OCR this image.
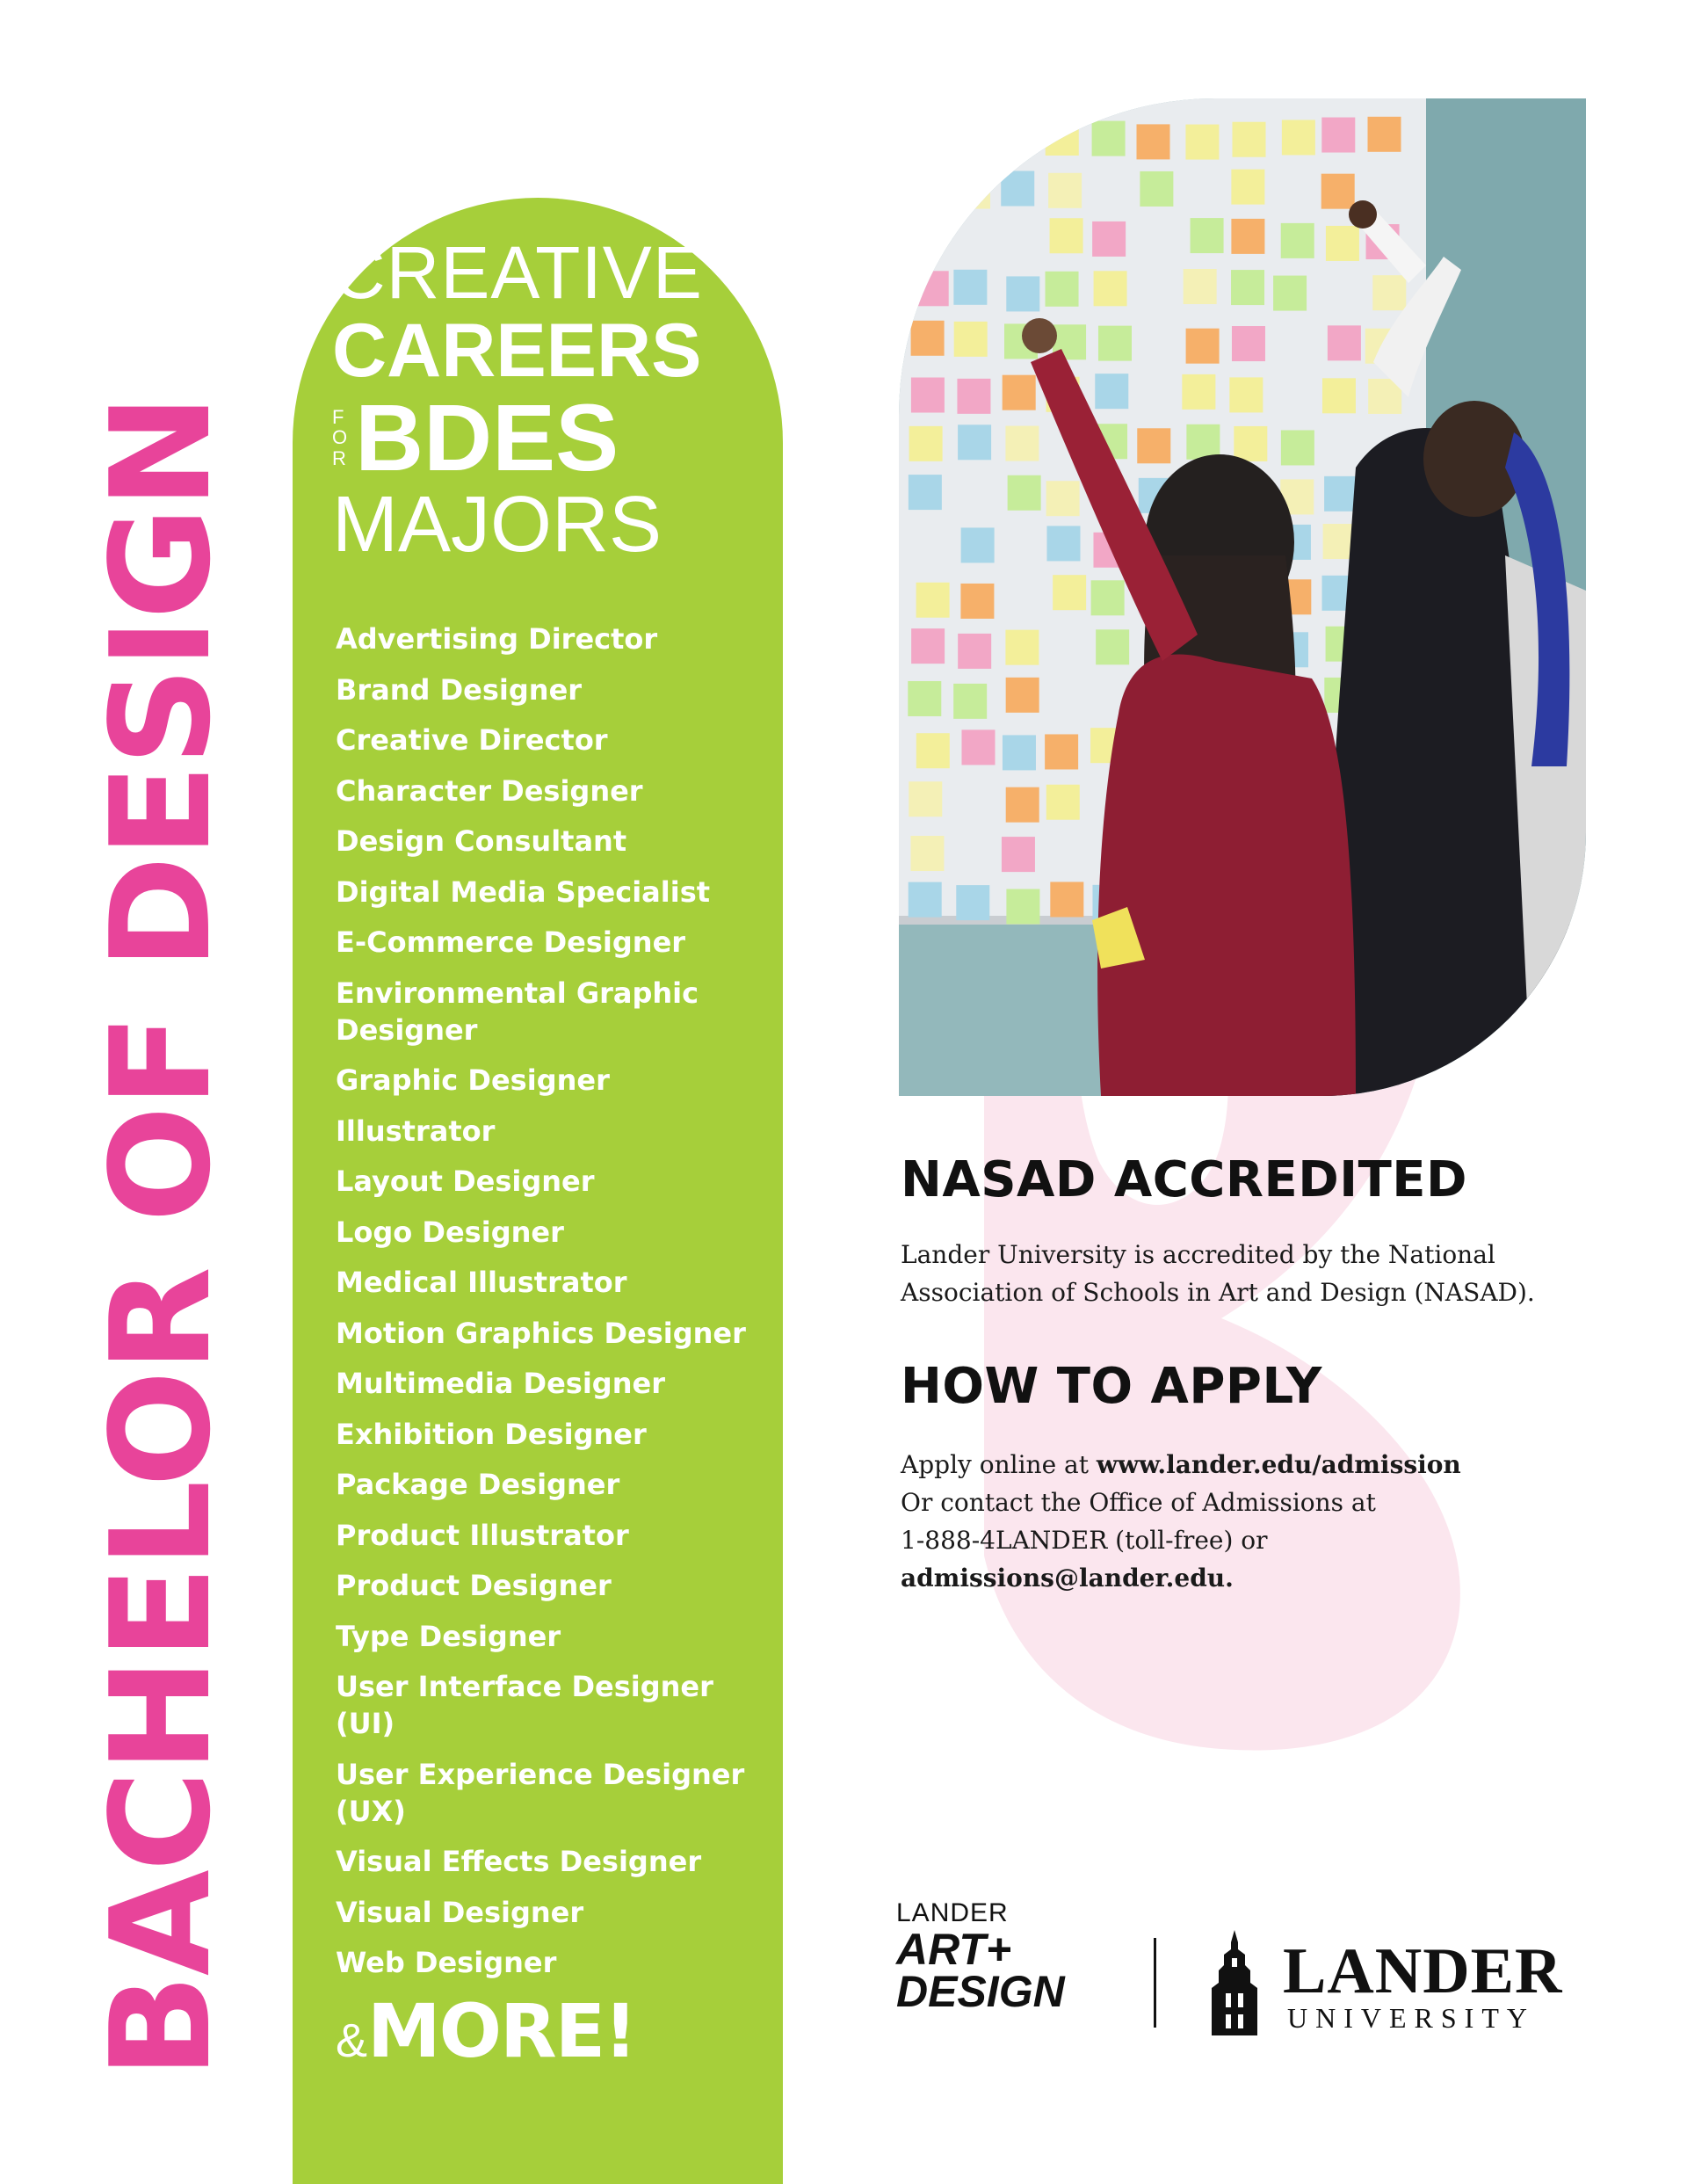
BACHELOR OF DESIGN
CREATIVE
CAREERS
F
O
R BDES
MAJORS
Advertising Director
Brand Designer
Creative Director
Character Designer
Design Consultant
Digital Media Specialist
E-Commerce Designer
Environmental Graphic Designer
Graphic Designer
Illustrator
Layout Designer
Logo Designer
Medical Illustrator
Motion Graphics Designer
Multimedia Designer
Exhibition Designer
Package Designer
Product Illustrator
Product Designer
Type Designer
User Interface Designer (UI)
User Experience Designer (UX)
Visual Effects Designer
Visual Designer
Web Designer
& MORE!
NASAD ACCREDITED
Lander University is accredited by the National Association of Schools in Art and Design (NASAD).
HOW TO APPLY
Apply online at www.lander.edu/admission
Or contact the Office of Admissions at
1-888-4LANDER (toll-free) or
admissions@lander.edu.
LANDER
ART+
DESIGN	LANDER
UNIVERSITY
